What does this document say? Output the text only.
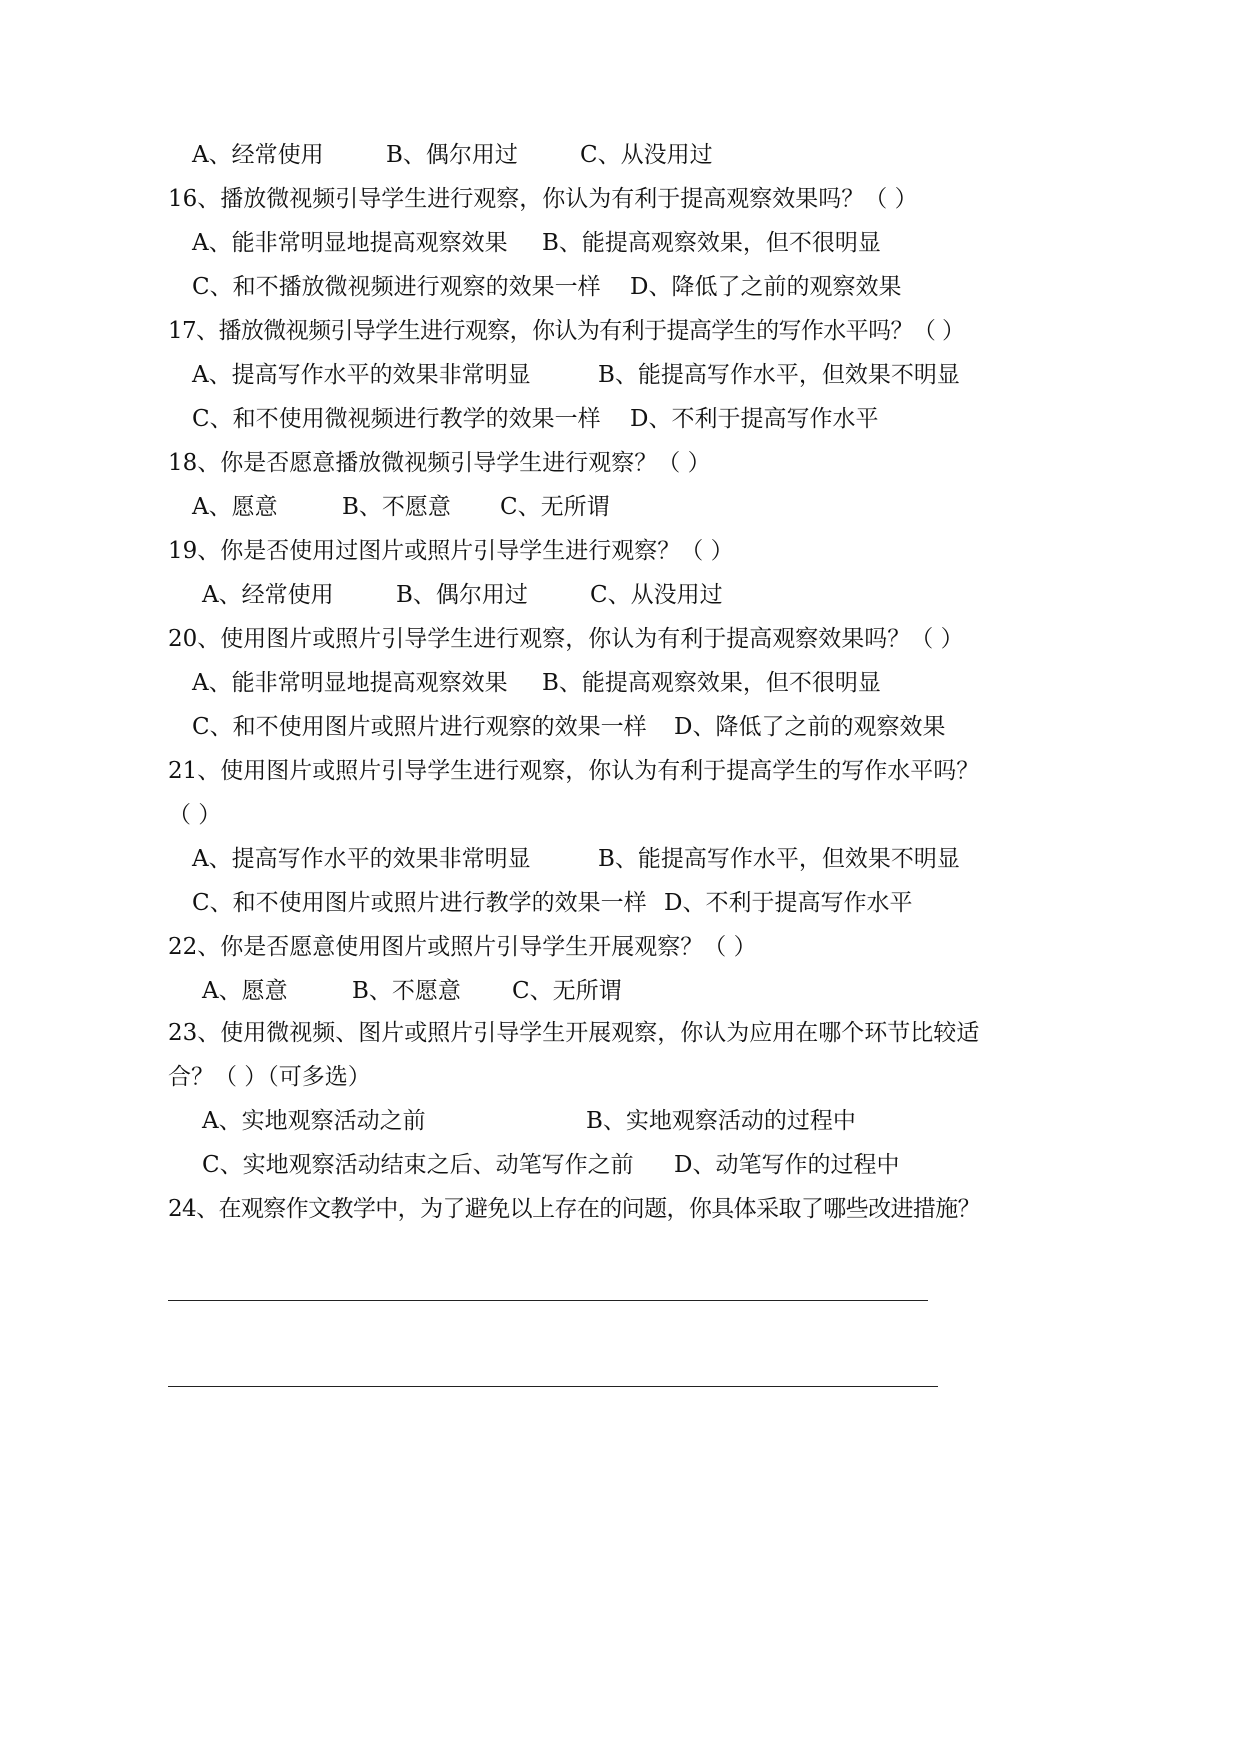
A、经常使用	B、偶尔用过	C、从没用过
16、播放微视频引导学生进行观察，你认为有利于提高观察效果吗？（ ）
A、能非常明显地提高观察效果 B、能提高观察效果，但不很明显
C、和不播放微视频进行观察的效果一样 D、降低了之前的观察效果
17、播放微视频引导学生进行观察，你认为有利于提高学生的写作水平吗？（ ）
A、提高写作水平的效果非常明显	B、能提高写作水平，但效果不明显
C、和不使用微视频进行教学的效果一样 D、不利于提高写作水平
18、你是否愿意播放微视频引导学生进行观察？（ ）
A、愿意	B、不愿意 C、无所谓
19、你是否使用过图片或照片引导学生进行观察？（ ）
A、经常使用	B、偶尔用过	C、从没用过
20、使用图片或照片引导学生进行观察，你认为有利于提高观察效果吗？（ ）
A、能非常明显地提高观察效果 B、能提高观察效果，但不很明显
C、和不使用图片或照片进行观察的效果一样 D、降低了之前的观察效果
21、使用图片或照片引导学生进行观察，你认为有利于提高学生的写作水平吗？
（ ）
A、提高写作水平的效果非常明显	B、能提高写作水平，但效果不明显
C、和不使用图片或照片进行教学的效果一样 D、不利于提高写作水平
22、你是否愿意使用图片或照片引导学生开展观察？（ ）
A、愿意	B、不愿意 C、无所谓
23、使用微视频、图片或照片引导学生开展观察，你认为应用在哪个环节比较适
合？（ ）（可多选）
A、实地观察活动之前	B、实地观察活动的过程中
C、实地观察活动结束之后、动笔写作之前 D、动笔写作的过程中
24、在观察作文教学中，为了避免以上存在的问题，你具体采取了哪些改进措施？
